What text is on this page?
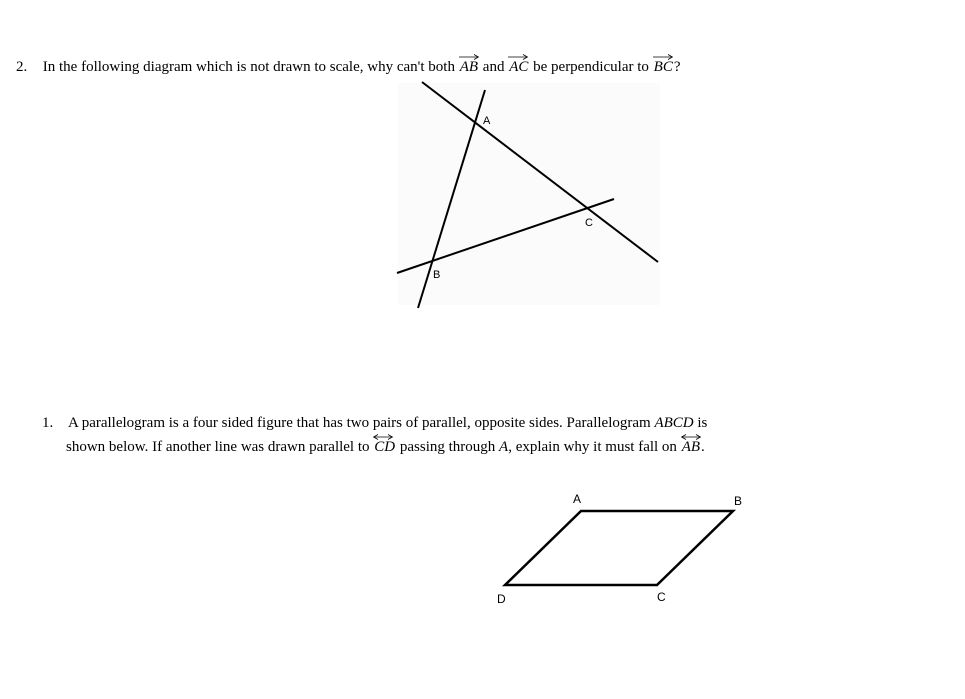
2. In the following diagram which is not drawn to scale, why can't both AB and AC be perpendicular to BC?
A
C
B
1. A parallelogram is a four sided figure that has two pairs of parallel, opposite sides. Parallelogram ABCD is
shown below. If another line was drawn parallel to CD passing through A, explain why it must fall on AB.
A	B
C
D
